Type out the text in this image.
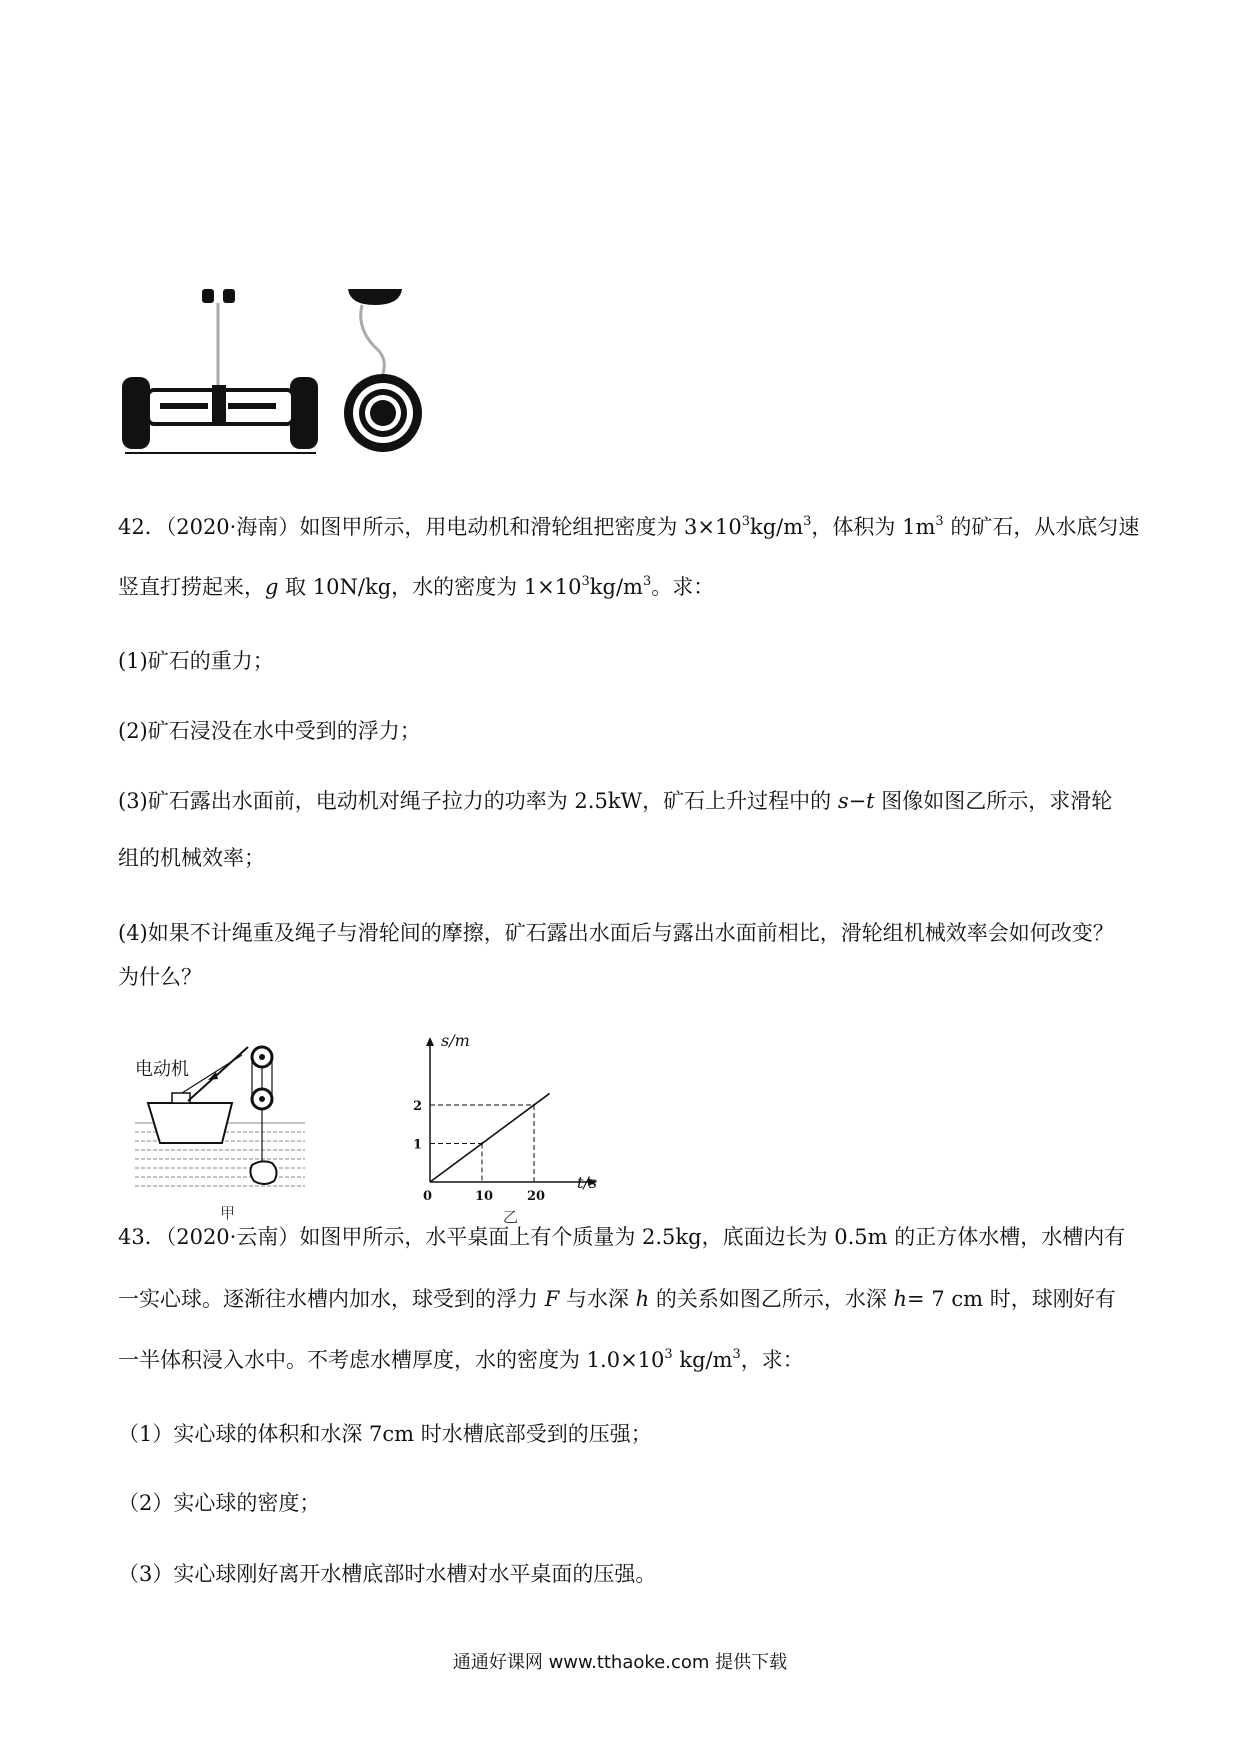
42．（2020·海南）如图甲所示，用电动机和滑轮组把密度为 $3\times 10^3kg/m^3$，体积为 $1m^3$ 的矿石，从水底匀速
竖直打捞起来，g 取 10N/kg，水的密度为 $1\times 10^3kg/m^3$。求：
(1)矿石的重力；
(2)矿石浸没在水中受到的浮力；
(3)矿石露出水面前，电动机对绳子拉力的功率为 2.5kW，矿石上升过程中的 s−t 图像如图乙所示，求滑轮
组的机械效率；
(4)如果不计绳重及绳子与滑轮间的摩擦，矿石露出水面后与露出水面前相比，滑轮组机械效率会如何改变？
为什么？
电动机
甲
s/m
t/s
0	10	20
1
2
乙
43．（2020·云南）如图甲所示，水平桌面上有个质量为 2.5kg，底面边长为 0.5m 的正方体水槽，水槽内有
一实心球。逐渐往水槽内加水，球受到的浮力 F 与水深 h 的关系如图乙所示，水深 h= 7 cm 时，球刚好有
一半体积浸入水中。不考虑水槽厚度，水的密度为 $1.0\times 10^3$ $kg/m^3$，求：
（1）实心球的体积和水深 7cm 时水槽底部受到的压强；
（2）实心球的密度；
（3）实心球刚好离开水槽底部时水槽对水平桌面的压强。
通通好课网 www.tthaoke.com 提供下载
